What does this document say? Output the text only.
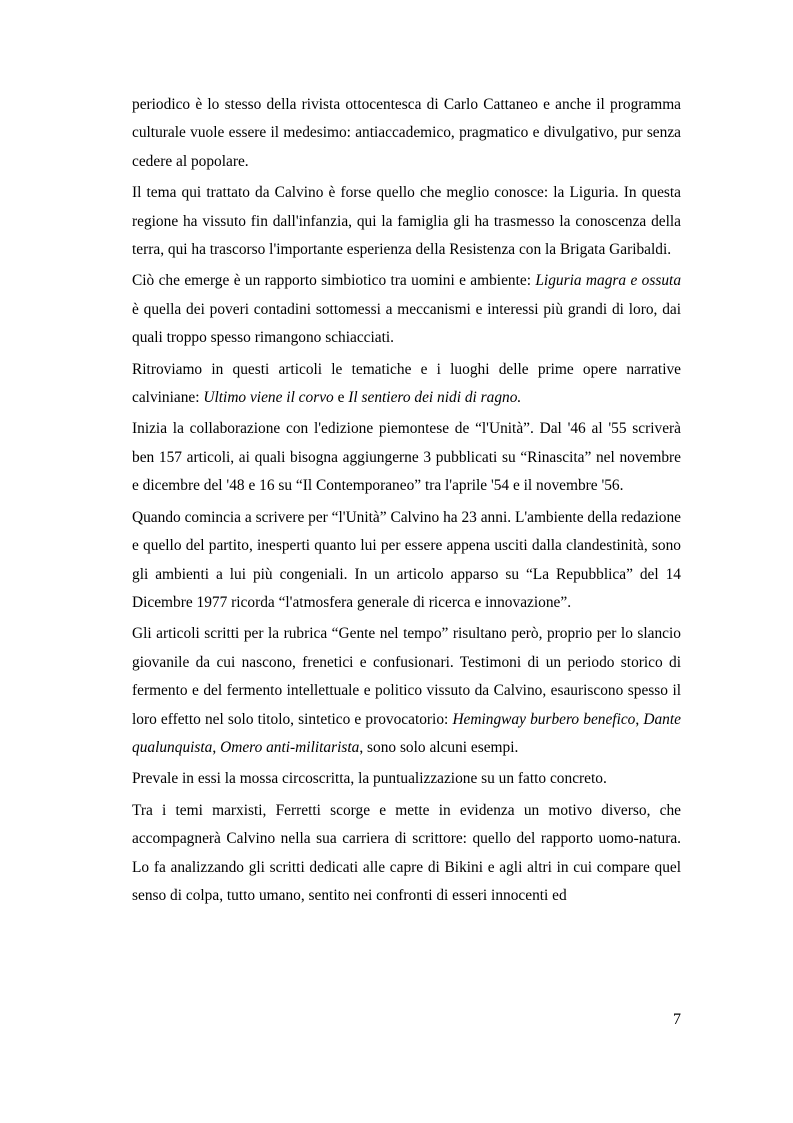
periodico è lo stesso della rivista ottocentesca di Carlo Cattaneo e anche il programma culturale vuole essere il medesimo: antiaccademico, pragmatico e divulgativo, pur senza cedere al popolare.

Il tema qui trattato da Calvino è forse quello che meglio conosce: la Liguria. In questa regione ha vissuto fin dall'infanzia, qui la famiglia gli ha trasmesso la conoscenza della terra, qui ha trascorso l'importante esperienza della Resistenza con la Brigata Garibaldi.

Ciò che emerge è un rapporto simbiotico tra uomini e ambiente: Liguria magra e ossuta è quella dei poveri contadini sottomessi a meccanismi e interessi più grandi di loro, dai quali troppo spesso rimangono schiacciati.

Ritroviamo in questi articoli le tematiche e i luoghi delle prime opere narrative calviniane: Ultimo viene il corvo e Il sentiero dei nidi di ragno.

Inizia la collaborazione con l'edizione piemontese de “l'Unità”. Dal '46 al '55 scriverà ben 157 articoli, ai quali bisogna aggiungerne 3 pubblicati su “Rinascita” nel novembre e dicembre del '48 e 16 su “Il Contemporaneo” tra l'aprile '54 e il novembre '56.

Quando comincia a scrivere per “l'Unità” Calvino ha 23 anni. L'ambiente della redazione e quello del partito, inesperti quanto lui per essere appena usciti dalla clandestinità, sono gli ambienti a lui più congeniali. In un articolo apparso su “La Repubblica” del 14 Dicembre 1977 ricorda “l'atmosfera generale di ricerca e innovazione”.

Gli articoli scritti per la rubrica “Gente nel tempo” risultano però, proprio per lo slancio giovanile da cui nascono, frenetici e confusionari. Testimoni di un periodo storico di fermento e del fermento intellettuale e politico vissuto da Calvino, esauriscono spesso il loro effetto nel solo titolo, sintetico e provocatorio: Hemingway burbero benefico, Dante qualunquista, Omero anti-militarista, sono solo alcuni esempi.

Prevale in essi la mossa circoscritta, la puntualizzazione su un fatto concreto.

Tra i temi marxisti, Ferretti scorge e mette in evidenza un motivo diverso, che accompagnerà Calvino nella sua carriera di scrittore: quello del rapporto uomo-natura. Lo fa analizzando gli scritti dedicati alle capre di Bikini e agli altri in cui compare quel senso di colpa, tutto umano, sentito nei confronti di esseri innocenti ed

7
